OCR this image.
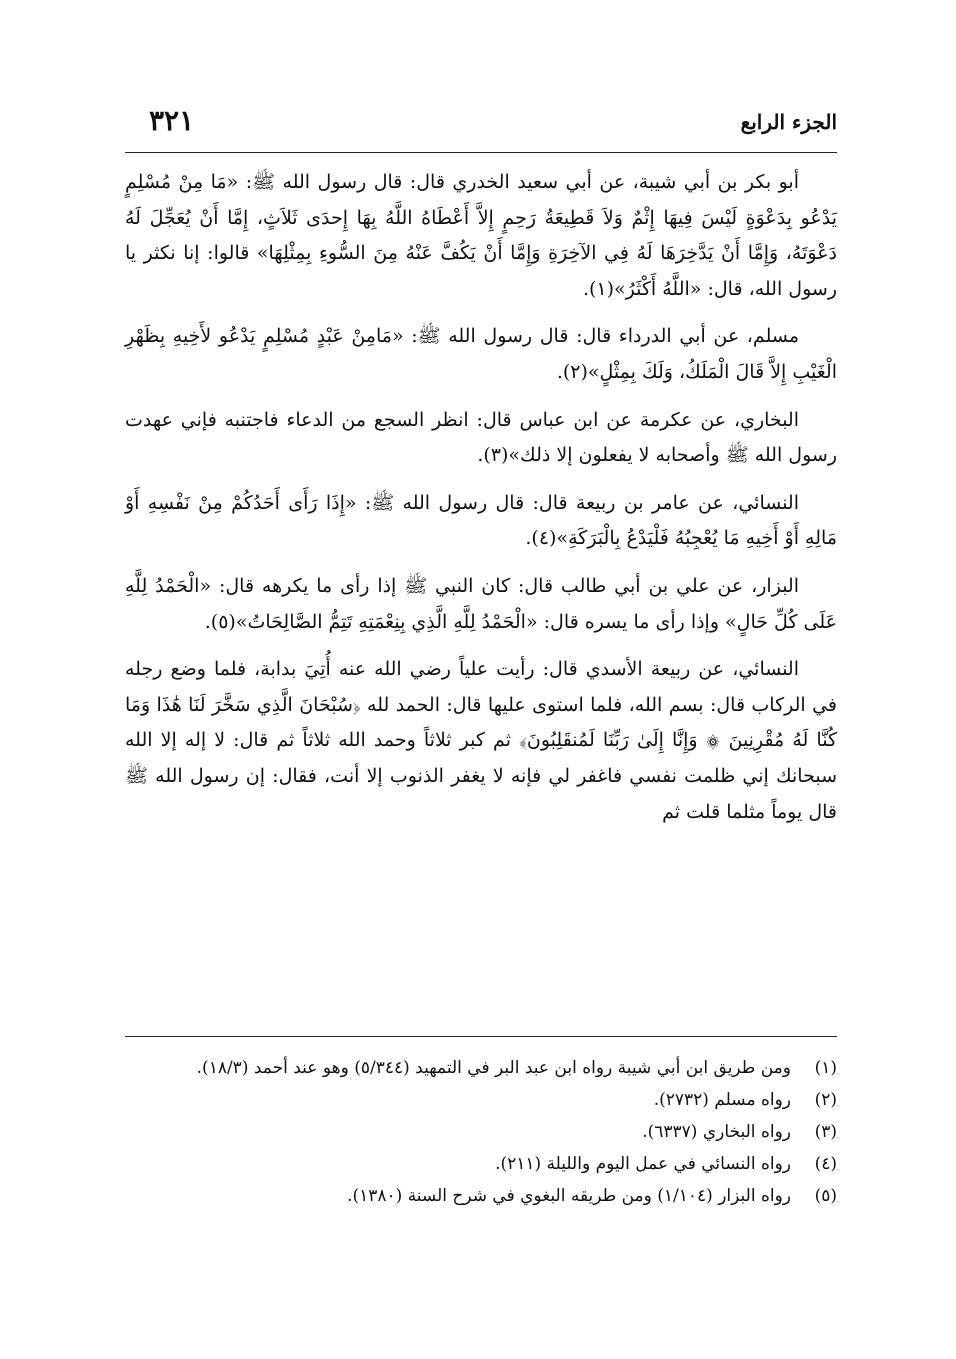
٣٢١	الجزء الرابع

أبو بكر بن أبي شيبة، عن أبي سعيد الخدري قال: قال رسول الله ﷺ: «مَا مِنْ مُسْلِمٍ يَدْعُو بِدَعْوَةٍ لَيْسَ فِيهَا إِثْمٌ وَلاَ قَطِيعَةُ رَحِمٍ إِلاَّ أَعْطَاهُ اللَّهُ بِهَا إِحدَى ثَلاَثٍ، إِمَّا أَنْ يُعَجِّلَ لَهُ دَعْوَتَهُ، وَإِمَّا أَنْ يَدَّخِرَهَا لَهُ فِي الآخِرَةِ وَإِمَّا أَنْ يَكُفَّ عَنْهُ مِنَ السُّوءِ بِمِثْلِهَا» قالوا: إنا نكثر يا رسول الله، قال: «اللَّهُ أَكْثَرُ»(١).

مسلم، عن أبي الدرداء قال: قال رسول الله ﷺ: «مَامِنْ عَبْدٍ مُسْلِمٍ يَدْعُو لأَخِيهِ بِظَهْرِ الْغَيْبِ إِلاَّ قَالَ الْمَلَكُ، وَلَكَ بِمِثْلٍ»(٢).

البخاري، عن عكرمة عن ابن عباس قال: انظر السجع من الدعاء فاجتنبه فإني عهدت رسول الله ﷺ وأصحابه لا يفعلون إلا ذلك»(٣).

النسائي، عن عامر بن ربيعة قال: قال رسول الله ﷺ: «إِذَا رَأَى أَحَدُكُمْ مِنْ نَفْسِهِ أَوْ مَالِهِ أَوْ أَخِيهِ مَا يُعْجِبُهُ فَلْيَدْعُ بِالْبَرَكَةِ»(٤).

البزار، عن علي بن أبي طالب قال: كان النبي ﷺ إذا رأى ما يكرهه قال: «الْحَمْدُ لِلَّهِ عَلَى كُلِّ حَالٍ» وإذا رأى ما يسره قال: «الْحَمْدُ لِلَّهِ الَّذِي بِنِعْمَتِهِ تَتِمُّ الصَّالِحَاتُ»(٥).

النسائي، عن ربيعة الأسدي قال: رأيت علياً رضي الله عنه أُتِيَ بدابة، فلما وضع رجله في الركاب قال: بسم الله، فلما استوى عليها قال: الحمد لله ﴿سُبْحَانَ الَّذِي سَخَّرَ لَنَا هَٰذَا وَمَا كُنَّا لَهُ مُقْرِنِينَ ۞ وَإِنَّا إِلَىٰ رَبِّنَا لَمُنقَلِبُونَ﴾ ثم كبر ثلاثاً وحمد الله ثلاثاً ثم قال: لا إله إلا الله سبحانك إني ظلمت نفسي فاغفر لي فإنه لا يغفر الذنوب إلا أنت، فقال: إن رسول الله ﷺ قال يوماً مثلما قلت ثم

(١)
ومن طريق ابن أبي شيبة رواه ابن عبد البر في التمهيد (٥/٣٤٤) وهو عند أحمد (١٨/٣).
(٢)
رواه مسلم (٢٧٣٢).
(٣)
رواه البخاري (٦٣٣٧).
(٤)
رواه النسائي في عمل اليوم والليلة (٢١١).
(٥)
رواه البزار (١/١٠٤) ومن طريقه البغوي في شرح السنة (١٣٨٠).
